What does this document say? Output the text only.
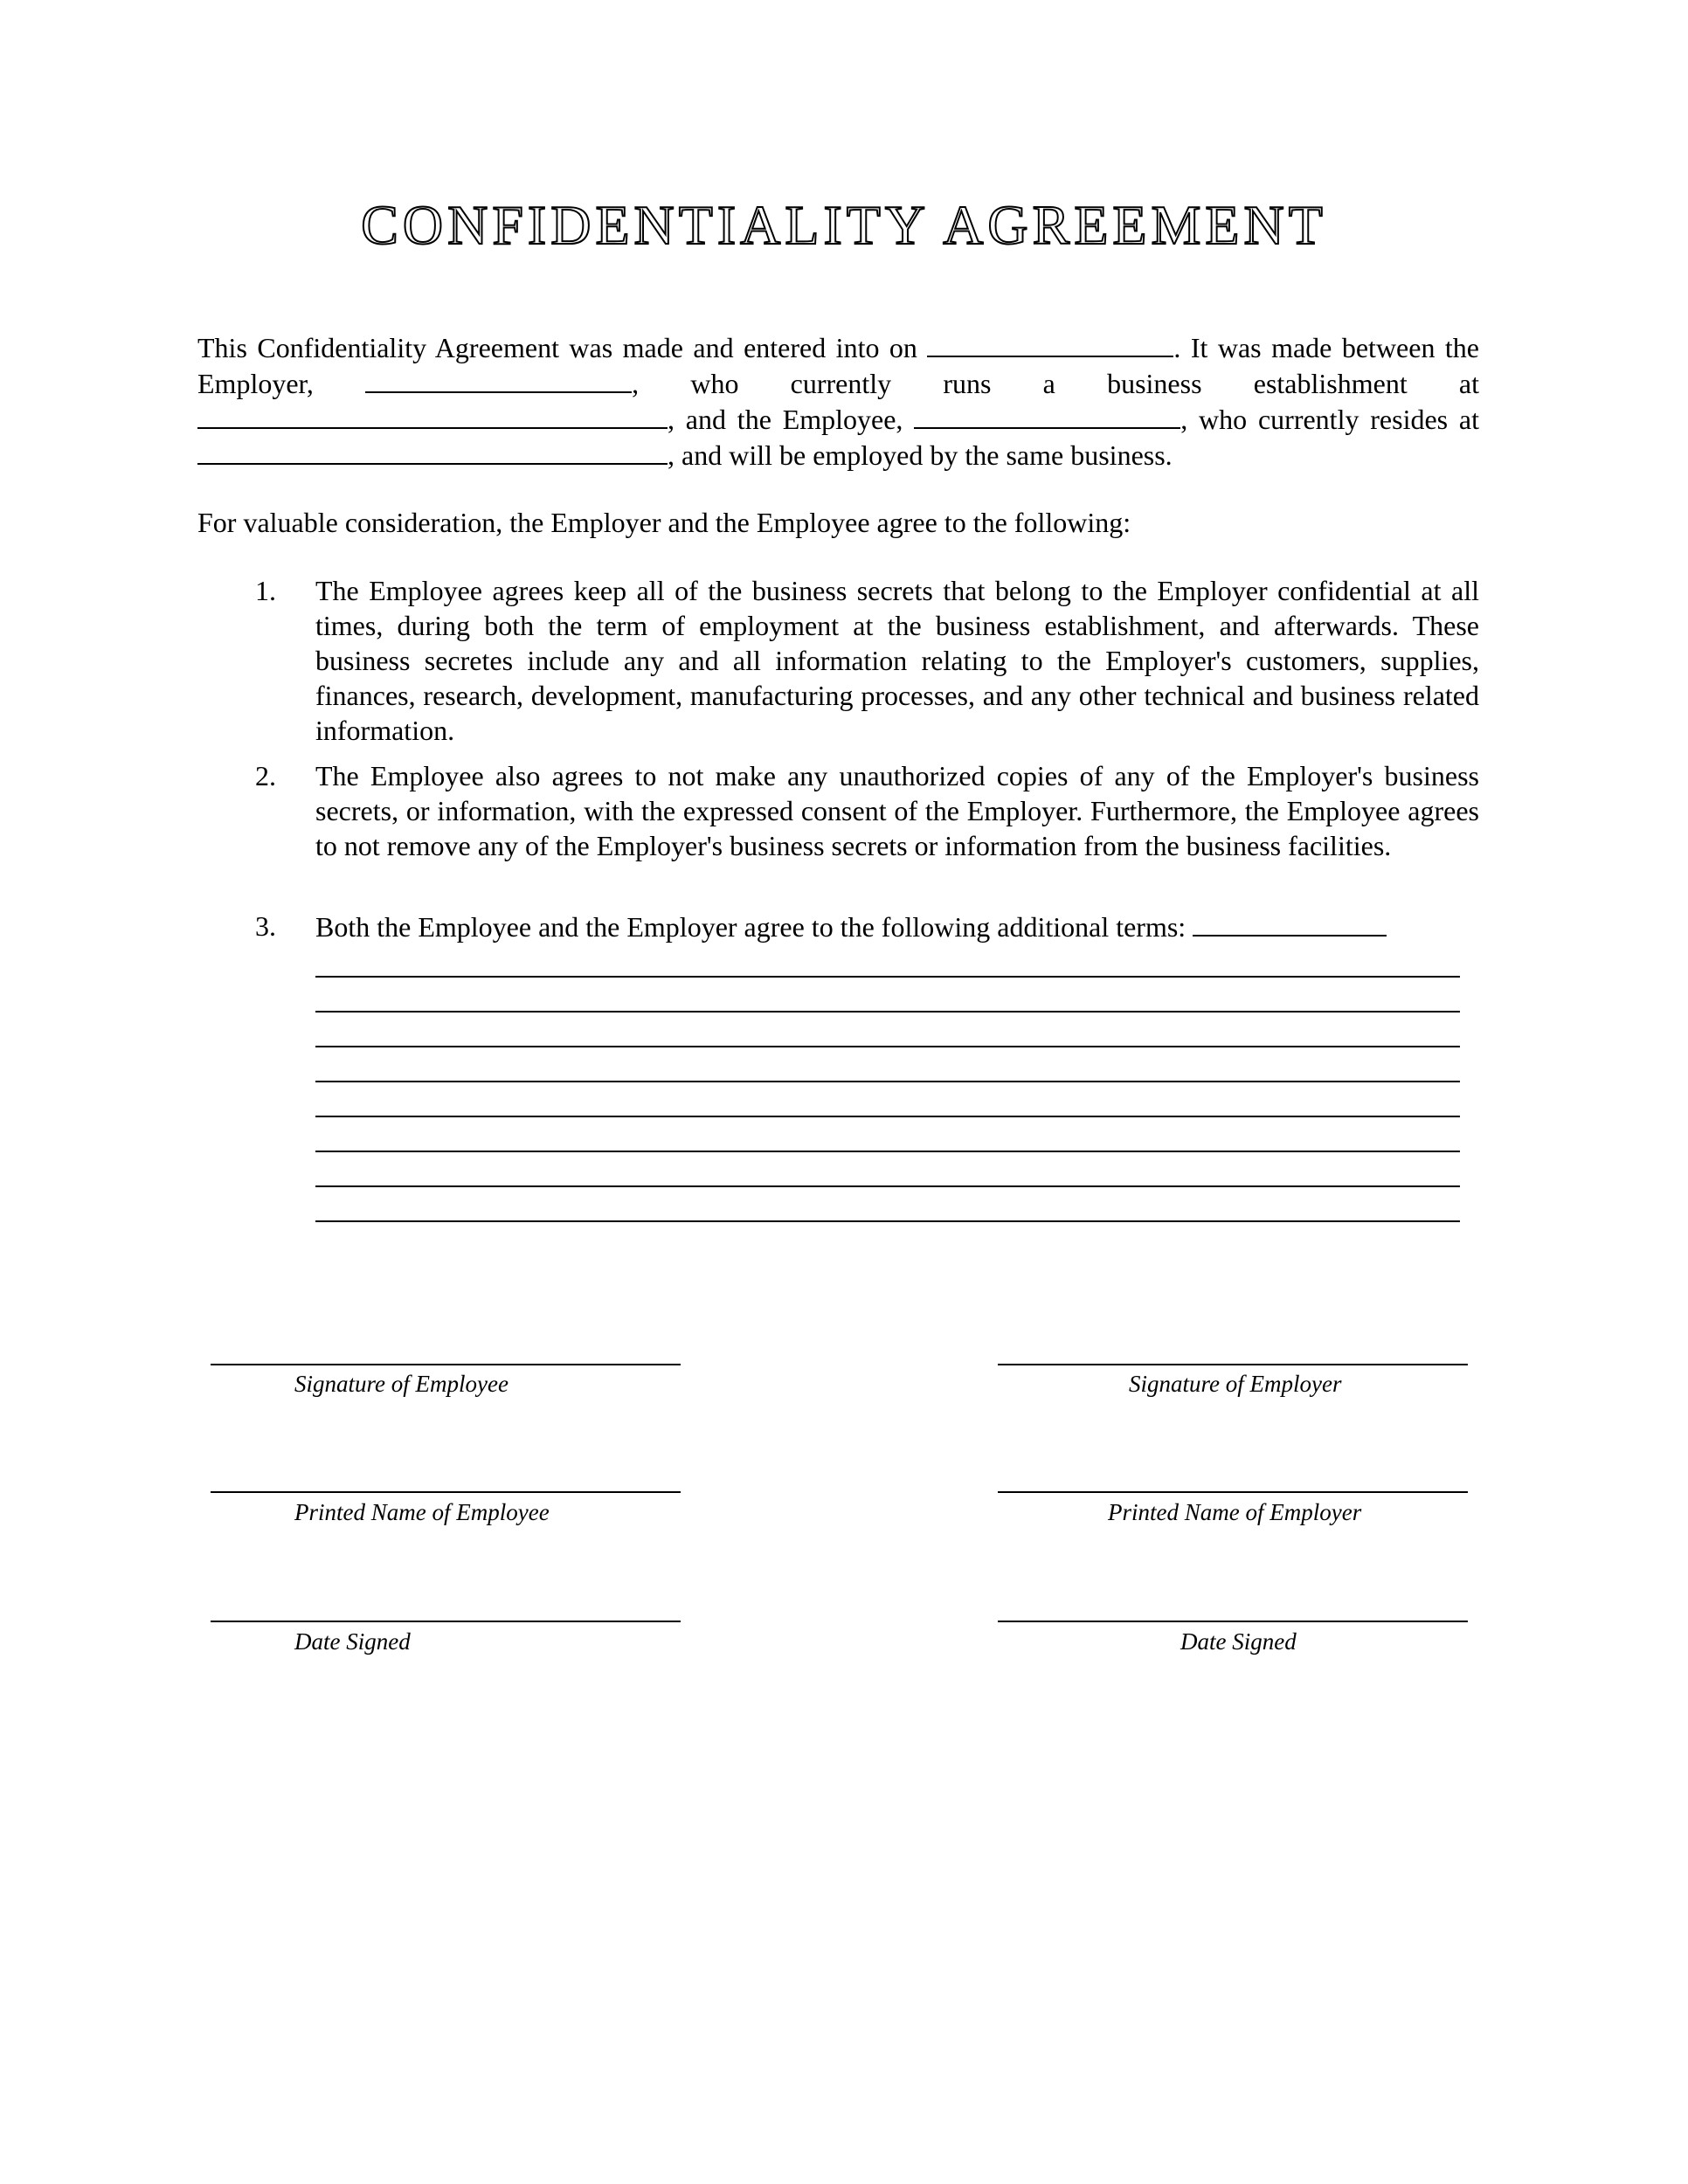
CONFIDENTIALITY AGREEMENT

This Confidentiality Agreement was made and entered into on	. It was made between the Employer,	, who currently runs a business establishment at , and the Employee,	, who currently resides at , and will be employed by the same business.

For valuable consideration, the Employer and the Employee agree to the following:

1. The Employee agrees keep all of the business secrets that belong to the Employer confidential at all times, during both the term of employment at the business establishment, and afterwards. These business secretes include any and all information relating to the Employer's customers, supplies, finances, research, development, manufacturing processes, and any other technical and business related information.
2. The Employee also agrees to not make any unauthorized copies of any of the Employer's business secrets, or information, with the expressed consent of the Employer. Furthermore, the Employee agrees to not remove any of the Employer's business secrets or information from the business facilities.
3. Both the Employee and the Employer agree to the following additional terms:
Signature of Employee	Signature of Employer
Printed Name of Employee	Printed Name of Employer
Date Signed	Date Signed
